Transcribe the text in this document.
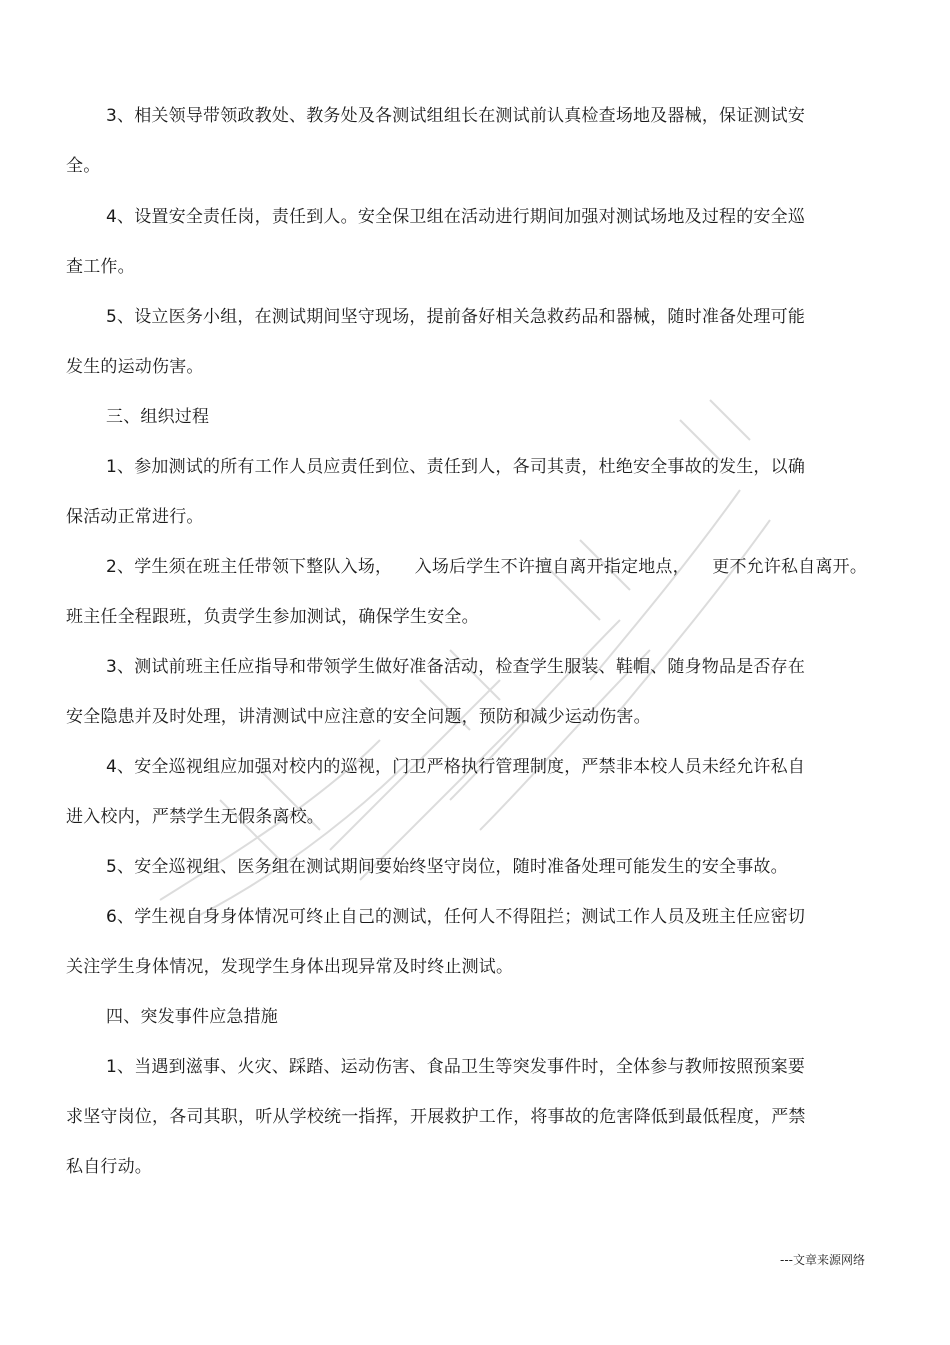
3、相关领导带领政教处、教务处及各测试组组长在测试前认真检查场地及器械，保证测试安
全。
4、设置安全责任岗，责任到人。安全保卫组在活动进行期间加强对测试场地及过程的安全巡
查工作。
5、设立医务小组，在测试期间坚守现场，提前备好相关急救药品和器械，随时准备处理可能
发生的运动伤害。
三、组织过程
1、参加测试的所有工作人员应责任到位、责任到人，各司其责，杜绝安全事故的发生，以确
保活动正常进行。
2、学生须在班主任带领下整队入场，    入场后学生不许擅自离开指定地点，    更不允许私自离开。
班主任全程跟班，负责学生参加测试，确保学生安全。
3、测试前班主任应指导和带领学生做好准备活动，检查学生服装、鞋帽、随身物品是否存在
安全隐患并及时处理，讲清测试中应注意的安全问题，预防和减少运动伤害。
4、安全巡视组应加强对校内的巡视，门卫严格执行管理制度，严禁非本校人员未经允许私自
进入校内，严禁学生无假条离校。
5、安全巡视组、医务组在测试期间要始终坚守岗位，随时准备处理可能发生的安全事故。
6、学生视自身身体情况可终止自己的测试，任何人不得阻拦；测试工作人员及班主任应密切
关注学生身体情况，发现学生身体出现异常及时终止测试。
四、突发事件应急措施
1、当遇到滋事、火灾、踩踏、运动伤害、食品卫生等突发事件时，全体参与教师按照预案要
求坚守岗位，各司其职，听从学校统一指挥，开展救护工作，将事故的危害降低到最低程度，严禁
私自行动。
---文章来源网络
